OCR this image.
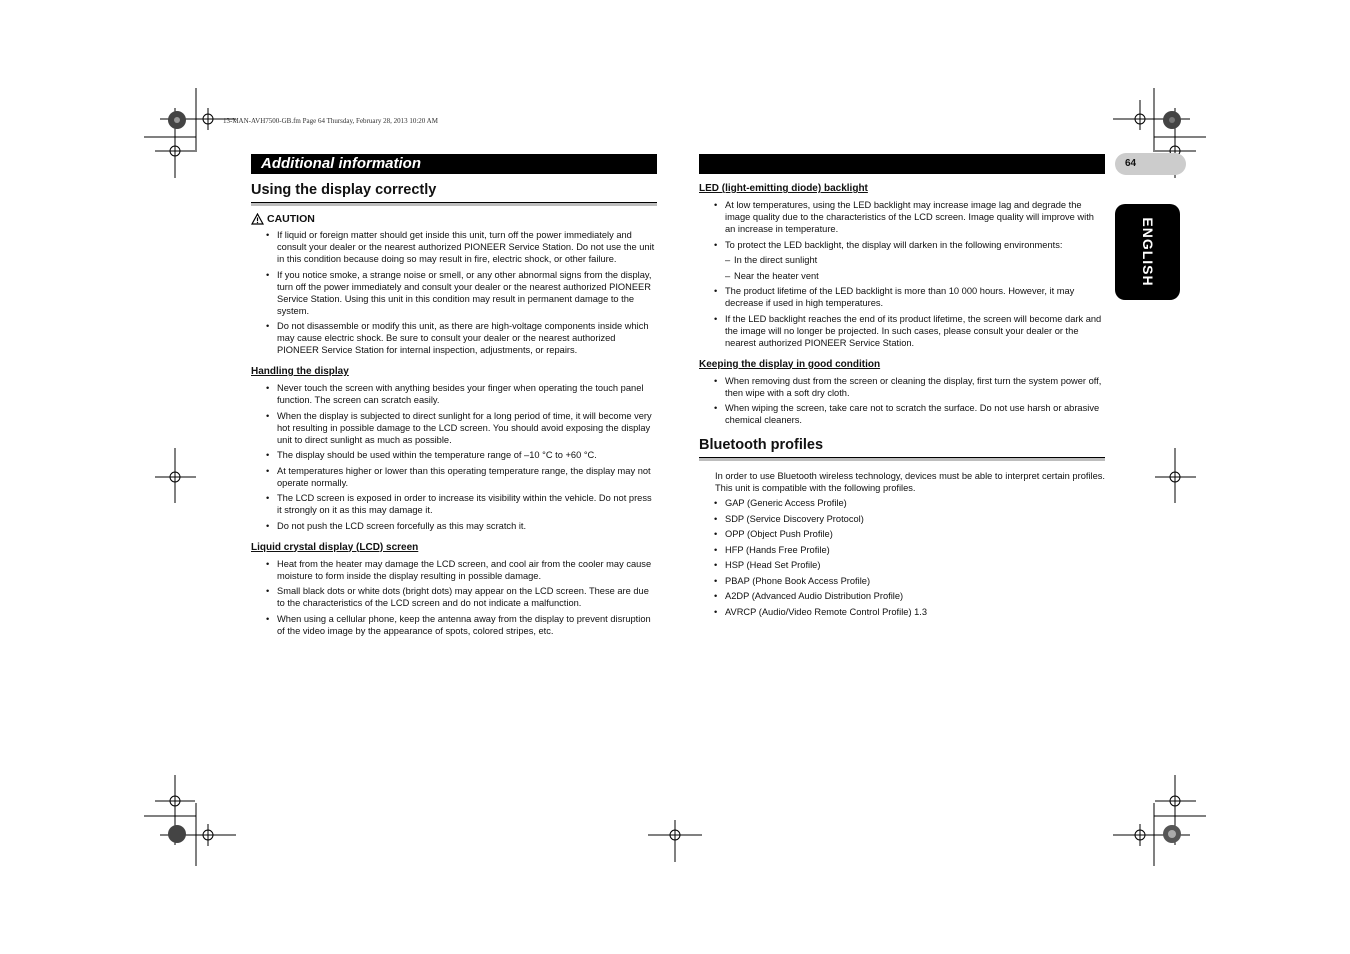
13-MAN-AVH7500-GB.fm Page 64 Thursday, February 28, 2013 10:20 AM
Additional information	64
ENGLISH
Using the display correctly
CAUTION
• If liquid or foreign matter should get inside this unit, turn off the power immediately and consult your dealer or the nearest authorized PIONEER Service Station. Do not use the unit in this condition because doing so may result in fire, electric shock, or other failure.
• If you notice smoke, a strange noise or smell, or any other abnormal signs from the display, turn off the power immediately and consult your dealer or the nearest authorized PIONEER Service Station. Using this unit in this condition may result in permanent damage to the system.
• Do not disassemble or modify this unit, as there are high-voltage components inside which may cause electric shock. Be sure to consult your dealer or the nearest authorized PIONEER Service Station for internal inspection, adjustments, or repairs.
Handling the display
• Never touch the screen with anything besides your finger when operating the touch panel function. The screen can scratch easily.
• When the display is subjected to direct sunlight for a long period of time, it will become very hot resulting in possible damage to the LCD screen. You should avoid exposing the display unit to direct sunlight as much as possible.
• The display should be used within the temperature range of –10 °C to +60 °C.
• At temperatures higher or lower than this operating temperature range, the display may not operate normally.
• The LCD screen is exposed in order to increase its visibility within the vehicle. Do not press it strongly on it as this may damage it.
• Do not push the LCD screen forcefully as this may scratch it.
Liquid crystal display (LCD) screen
• Heat from the heater may damage the LCD screen, and cool air from the cooler may cause moisture to form inside the display resulting in possible damage.
• Small black dots or white dots (bright dots) may appear on the LCD screen. These are due to the characteristics of the LCD screen and do not indicate a malfunction.
• When using a cellular phone, keep the antenna away from the display to prevent disruption of the video image by the appearance of spots, colored stripes, etc.
LED (light-emitting diode) backlight
• At low temperatures, using the LED backlight may increase image lag and degrade the image quality due to the characteristics of the LCD screen. Image quality will improve with an increase in temperature.
• To protect the LED backlight, the display will darken in the following environments:
– In the direct sunlight
– Near the heater vent
• The product lifetime of the LED backlight is more than 10 000 hours. However, it may decrease if used in high temperatures.
• If the LED backlight reaches the end of its product lifetime, the screen will become dark and the image will no longer be projected. In such cases, please consult your dealer or the nearest authorized PIONEER Service Station.
Keeping the display in good condition
• When removing dust from the screen or cleaning the display, first turn the system power off, then wipe with a soft dry cloth.
• When wiping the screen, take care not to scratch the surface. Do not use harsh or abrasive chemical cleaners.
Bluetooth profiles
In order to use Bluetooth wireless technology, devices must be able to interpret certain profiles. This unit is compatible with the following profiles.
• GAP (Generic Access Profile)
• SDP (Service Discovery Protocol)
• OPP (Object Push Profile)
• HFP (Hands Free Profile)
• HSP (Head Set Profile)
• PBAP (Phone Book Access Profile)
• A2DP (Advanced Audio Distribution Profile)
• AVRCP (Audio/Video Remote Control Profile) 1.3
